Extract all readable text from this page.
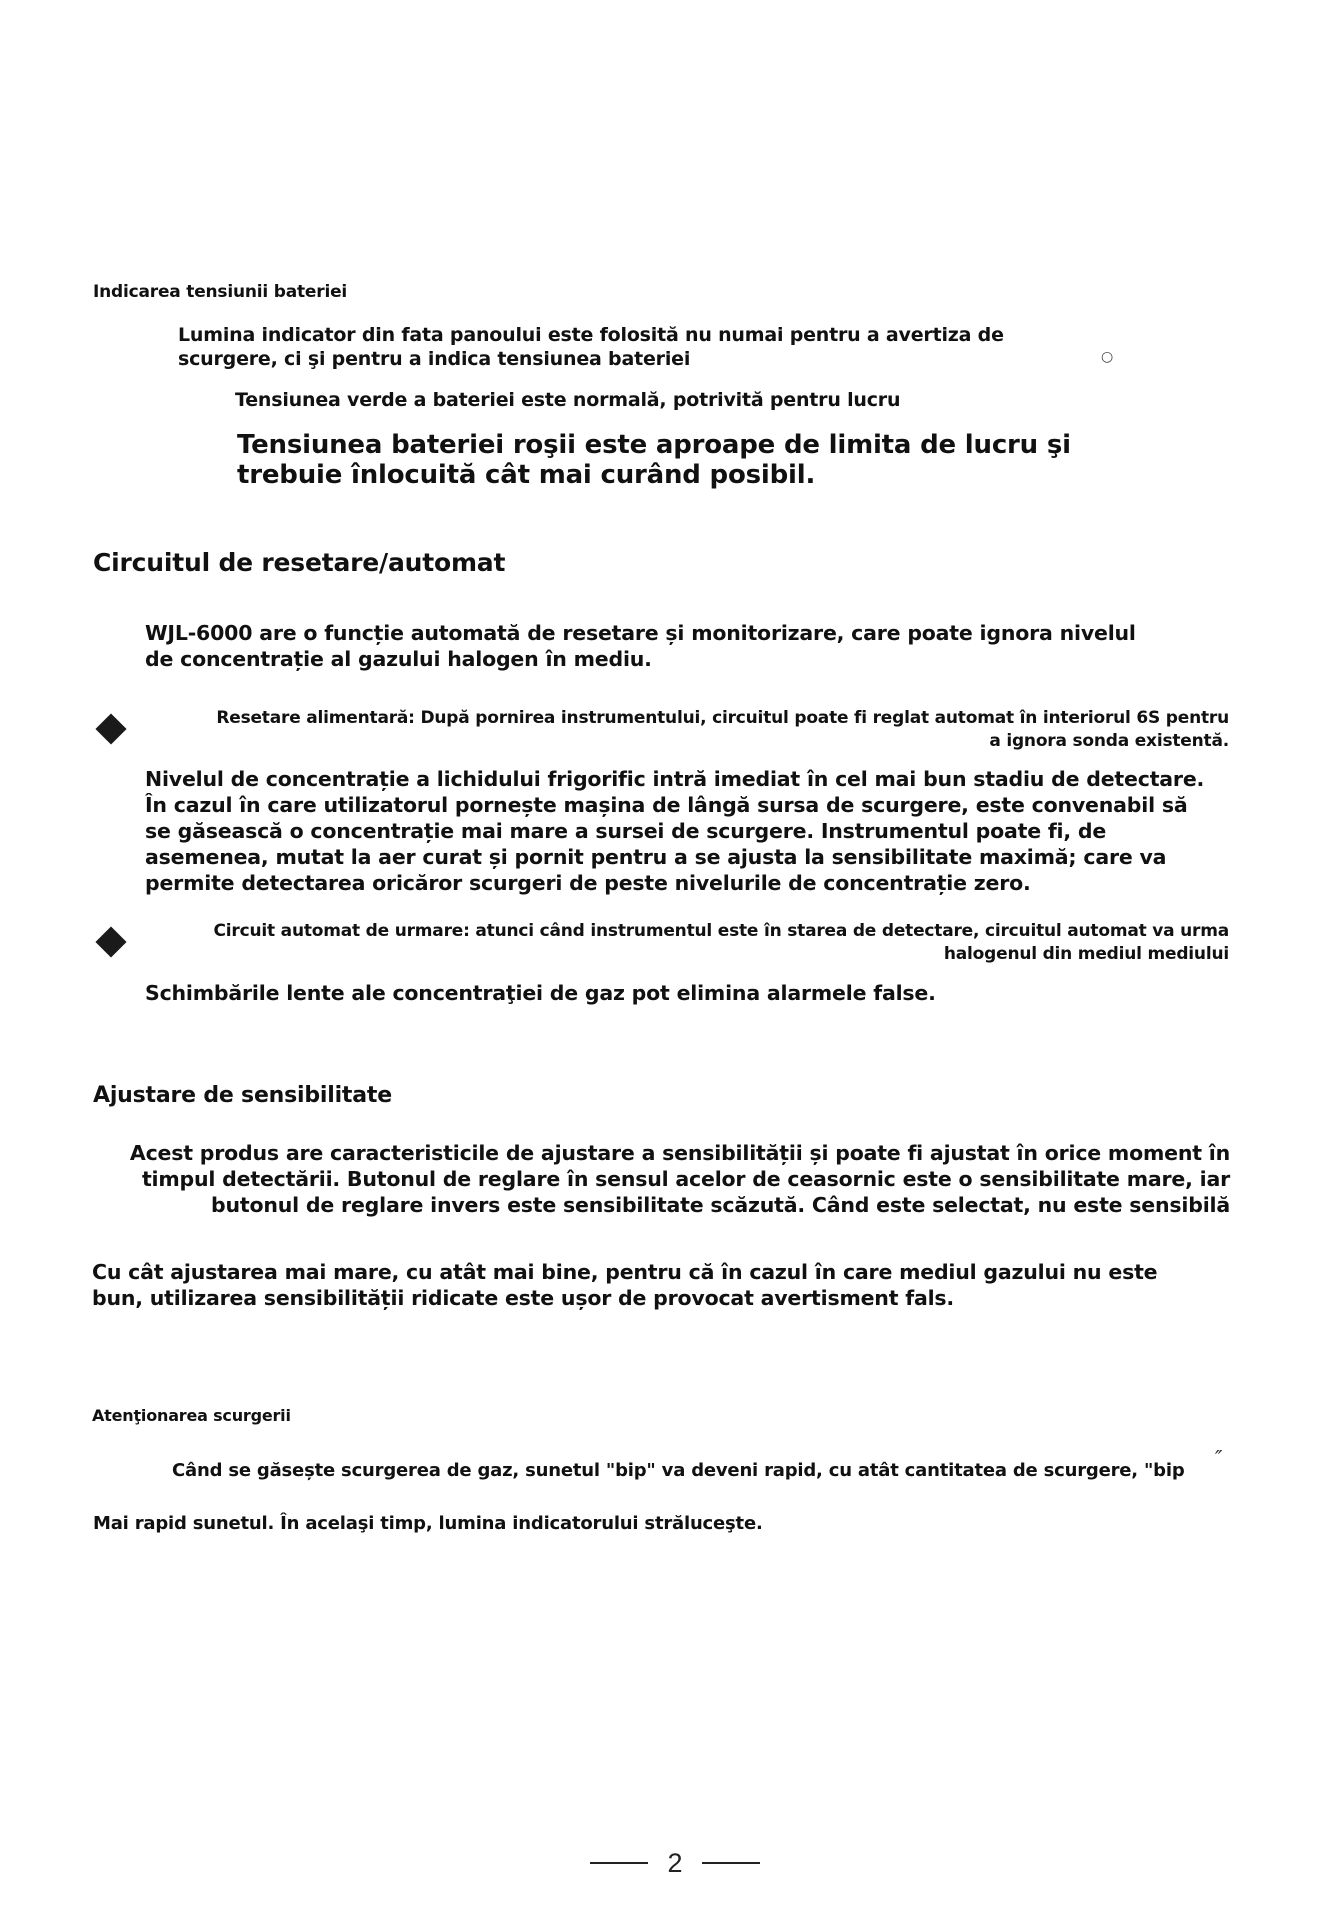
Indicarea tensiunii bateriei
Lumina indicator din fata panoului este folosită nu numai pentru a avertiza de
scurgere, ci şi pentru a indica tensiunea bateriei	○
Tensiunea verde a bateriei este normală, potrivită pentru lucru
Tensiunea bateriei roşii este aproape de limita de lucru şi
trebuie înlocuită cât mai curând posibil.
Circuitul de resetare/automat
WJL-6000 are o funcție automată de resetare și monitorizare, care poate ignora nivelul
de concentrație al gazului halogen în mediu.
Resetare alimentară: După pornirea instrumentului, circuitul poate fi reglat automat în interiorul 6S pentru
a ignora sonda existentă.
Nivelul de concentrație a lichidului frigorific intră imediat în cel mai bun stadiu de detectare.
În cazul în care utilizatorul pornește mașina de lângă sursa de scurgere, este convenabil să
se găsească o concentrație mai mare a sursei de scurgere. Instrumentul poate fi, de
asemenea, mutat la aer curat și pornit pentru a se ajusta la sensibilitate maximă; care va
permite detectarea oricăror scurgeri de peste nivelurile de concentrație zero.
Circuit automat de urmare: atunci când instrumentul este în starea de detectare, circuitul automat va urma
halogenul din mediul mediului
Schimbările lente ale concentraţiei de gaz pot elimina alarmele false.
Ajustare de sensibilitate
Acest produs are caracteristicile de ajustare a sensibilității și poate fi ajustat în orice moment în
timpul detectării. Butonul de reglare în sensul acelor de ceasornic este o sensibilitate mare, iar
butonul de reglare invers este sensibilitate scăzută. Când este selectat, nu este sensibilă
Cu cât ajustarea mai mare, cu atât mai bine, pentru că în cazul în care mediul gazului nu este
bun, utilizarea sensibilității ridicate este ușor de provocat avertisment fals.
Atenţionarea scurgerii
Când se găsește scurgerea de gaz, sunetul "bip" va deveni rapid, cu atât cantitatea de scurgere, "bip
″
Mai rapid sunetul. În acelaşi timp, lumina indicatorului străluceşte.
2
